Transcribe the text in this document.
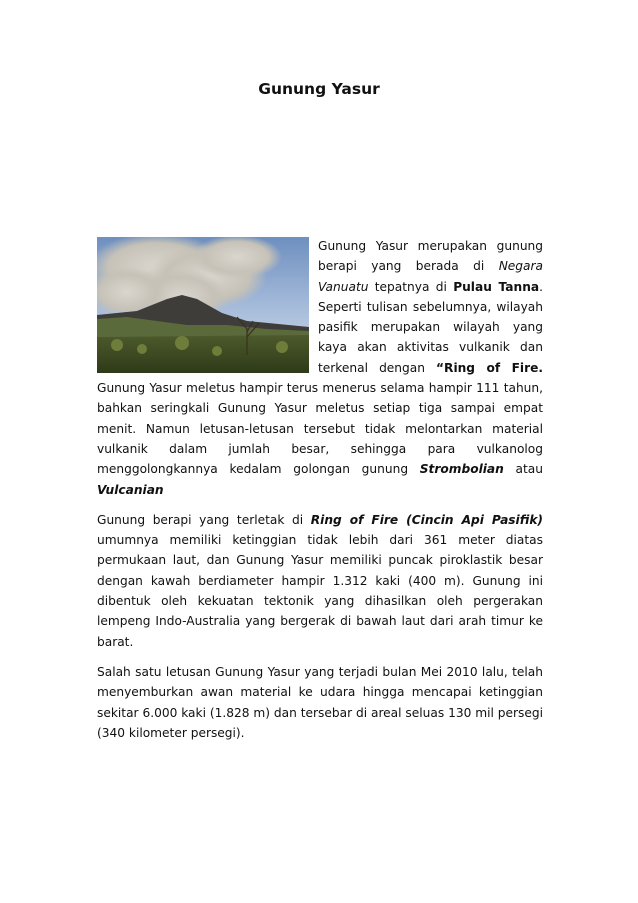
Gunung Yasur

Gunung Yasur merupakan gunung berapi yang berada di Negara Vanuatu tepatnya di Pulau Tanna. Seperti tulisan sebelumnya, wilayah pasifik merupakan wilayah yang kaya akan aktivitas vulkanik dan terkenal dengan “Ring of Fire. Gunung Yasur meletus hampir terus menerus selama hampir 111 tahun, bahkan seringkali Gunung Yasur meletus setiap tiga sampai empat menit. Namun letusan-letusan tersebut tidak melontarkan material vulkanik dalam jumlah besar, sehingga para vulkanolog menggolongkannya kedalam golongan gunung Strombolian atau Vulcanian

Gunung berapi yang terletak di Ring of Fire (Cincin Api Pasifik) umumnya memiliki ketinggian tidak lebih dari 361 meter diatas permukaan laut, dan Gunung Yasur memiliki puncak piroklastik besar dengan kawah berdiameter hampir 1.312 kaki (400 m). Gunung ini dibentuk oleh kekuatan tektonik yang dihasilkan oleh pergerakan lempeng Indo-Australia yang bergerak di bawah laut dari arah timur ke barat.

Salah satu letusan Gunung Yasur yang terjadi bulan Mei 2010 lalu, telah menyemburkan awan material ke udara hingga mencapai ketinggian sekitar 6.000 kaki (1.828 m) dan tersebar di areal seluas 130 mil persegi (340 kilometer persegi).
